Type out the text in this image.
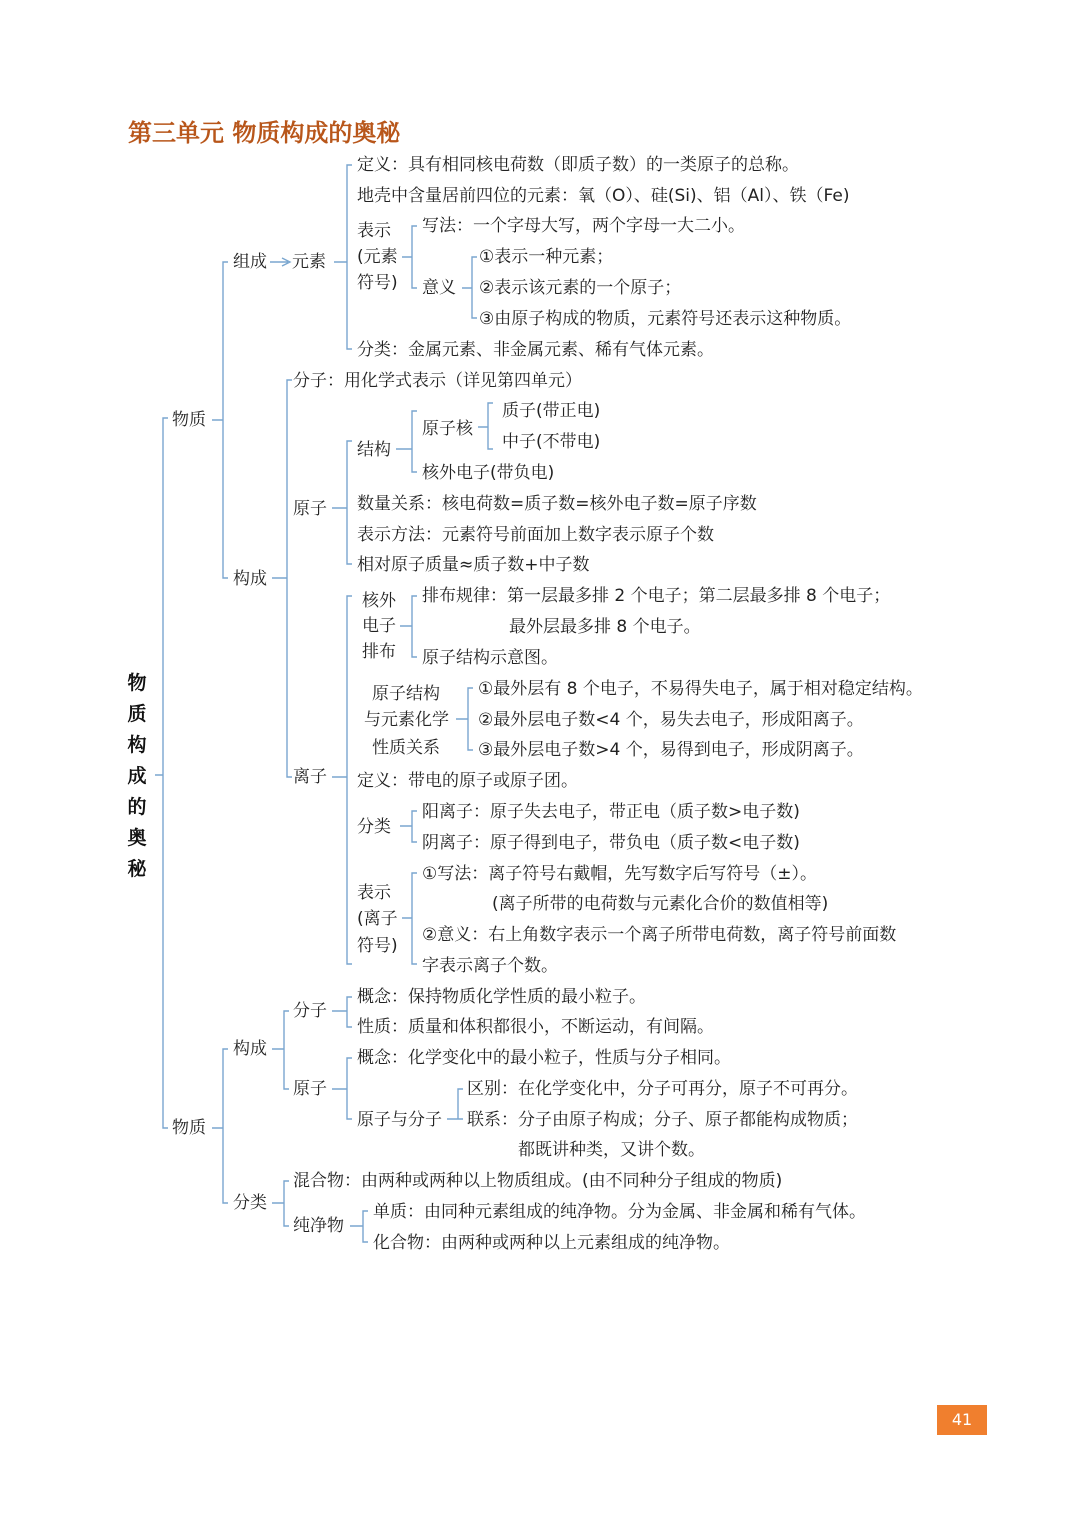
第三单元 物质构成的奥秘
物
质
构
成
的
奥
秘
物质
组成 元素
定义：具有相同核电荷数（即质子数）的一类原子的总称。
地壳中含量居前四位的元素：氧（O）、硅(Si)、铝（Al）、铁（Fe)
表示
(元素
符号)
写法：一个字母大写，两个字母一大二小。
意义
①表示一种元素；
②表示该元素的一个原子；
③由原子构成的物质，元素符号还表示这种物质。
分类：金属元素、非金属元素、稀有气体元素。
构成
分子：用化学式表示（详见第四单元）
原子
结构
原子核
质子(带正电)
中子(不带电)
核外电子(带负电)
数量关系：核电荷数=质子数=核外电子数=原子序数
表示方法：元素符号前面加上数字表示原子个数
相对原子质量≈质子数+中子数
离子
核外
电子
排布
排布规律：第一层最多排 2 个电子；第二层最多排 8 个电子；
最外层最多排 8 个电子。
原子结构示意图。
原子结构
与元素化学
性质关系
①最外层有 8 个电子，不易得失电子，属于相对稳定结构。
②最外层电子数<4 个，易失去电子，形成阳离子。
③最外层电子数>4 个，易得到电子，形成阴离子。
定义：带电的原子或原子团。
分类
阳离子：原子失去电子，带正电（质子数>电子数)
阴离子：原子得到电子，带负电（质子数<电子数)
表示
(离子
符号)
①写法：离子符号右戴帽，先写数字后写符号（±）。
(离子所带的电荷数与元素化合价的数值相等)
②意义：右上角数字表示一个离子所带电荷数，离子符号前面数
字表示离子个数。
物质
构成
分子
概念：保持物质化学性质的最小粒子。
性质：质量和体积都很小，不断运动，有间隔。
原子
概念：化学变化中的最小粒子，性质与分子相同。
原子与分子
区别：在化学变化中，分子可再分，原子不可再分。
联系：分子由原子构成；分子、原子都能构成物质；
都既讲种类，又讲个数。
分类
混合物：由两种或两种以上物质组成。(由不同种分子组成的物质)
纯净物
单质：由同种元素组成的纯净物。分为金属、非金属和稀有气体。
化合物：由两种或两种以上元素组成的纯净物。
41
